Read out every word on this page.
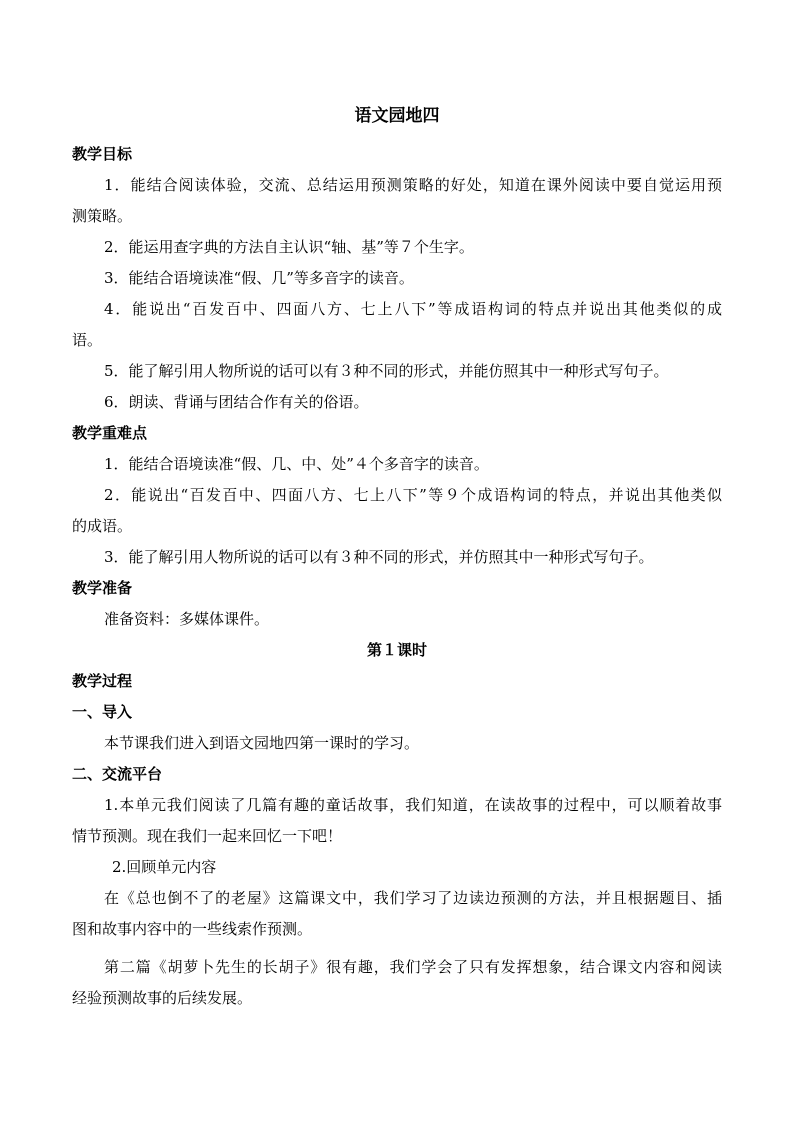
语文园地四
教学目标
1．能结合阅读体验，交流、总结运用预测策略的好处，知道在课外阅读中要自觉运用预
测策略。
2．能运用查字典的方法自主认识“轴、基”等７个生字。
3．能结合语境读准“假、几”等多音字的读音。
4．能说出“百发百中、四面八方、七上八下”等成语构词的特点并说出其他类似的成
语。
5．能了解引用人物所说的话可以有３种不同的形式，并能仿照其中一种形式写句子。
6．朗读、背诵与团结合作有关的俗语。
教学重难点
1．能结合语境读准“假、几、中、处”４个多音字的读音。
2．能说出“百发百中、四面八方、七上八下”等９个成语构词的特点，并说出其他类似
的成语。
3．能了解引用人物所说的话可以有３种不同的形式，并仿照其中一种形式写句子。
教学准备
准备资料：多媒体课件。
第１课时
教学过程
一、导入
本节课我们进入到语文园地四第一课时的学习。
二、交流平台
1.本单元我们阅读了几篇有趣的童话故事，我们知道，在读故事的过程中，可以顺着故事
情节预测。现在我们一起来回忆一下吧！
2.回顾单元内容
在《总也倒不了的老屋》这篇课文中，我们学习了边读边预测的方法，并且根据题目、插
图和故事内容中的一些线索作预测。
第二篇《胡萝卜先生的长胡子》很有趣，我们学会了只有发挥想象，结合课文内容和阅读
经验预测故事的后续发展。
